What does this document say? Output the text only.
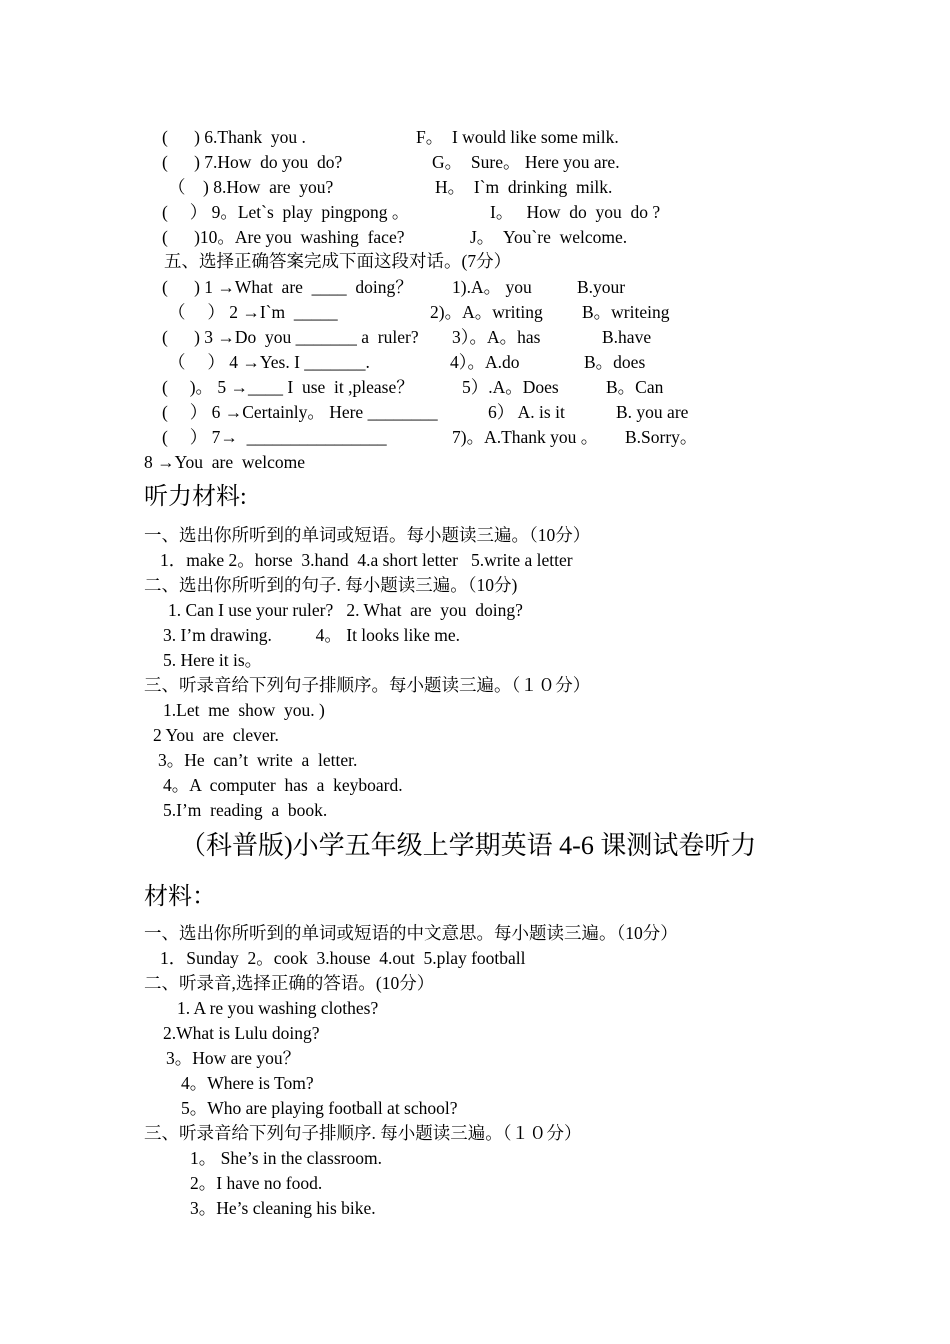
(      ) 6.Thank  you .	F。  I would like some milk.
(      ) 7.How  do you  do?	G。  Sure。 Here you are.
（    ) 8.How  are  you?	H。  I`m  drinking  milk.
(     ） 9。Let`s  play  pingpong 。	I。   How  do  you  do ?
(      )10。Are you  washing  face?	J。  You`re  welcome.
五、选择正确答案完成下面这段对话。(7分）
(      ) 1 →What  are  ____  doing？ 1).A。 you	B.your
（     ） 2 →I`m  _____	2)。A。writing B。writeing
(      ) 3 →Do  you _______ a  ruler? 3）。A。has	B.have
（     ） 4 →Yes. I _______.	4）。A.do	B。does
(     )。 5 →____ I  use  it ,please？	5）.A。Does	B。Can
(     ） 6 →Certainly。 Here ________	6） A. is it	B. you are
(     ） 7→  ________________	7)。A.Thank you 。 B.Sorry。
8 →You  are  welcome
听力材料:
一、选出你所听到的单词或短语。每小题读三遍。（10分）
1．make 2。horse  3.hand  4.a short letter   5.write a letter
二、选出你所听到的句子. 每小题读三遍。（10分)
1. Can I use your ruler?   2. What  are  you  doing?
3. I’m drawing.          4。 It looks like me.
5. Here it is。
三、听录音给下列句子排顺序。每小题读三遍。（１０分）
1.Let  me  show  you. )
2 You  are  clever.
3。He  can’t  write  a  letter.
4。A  computer  has  a  keyboard.
5.I’m  reading  a  book.
（科普版)小学五年级上学期英语 4-6 课测试卷听力
材料：
一、选出你所听到的单词或短语的中文意思。每小题读三遍。（10分）
1．Sunday  2。cook  3.house  4.out  5.play football
二、听录音,选择正确的答语。(10分）
1. A re you washing clothes?
2.What is Lulu doing?
3。How are you？
4。Where is Tom?
5。Who are playing football at school?
三、听录音给下列句子排顺序. 每小题读三遍。（１０分）
1。 She’s in the classroom.
2。I have no food.
3。He’s cleaning his bike.
